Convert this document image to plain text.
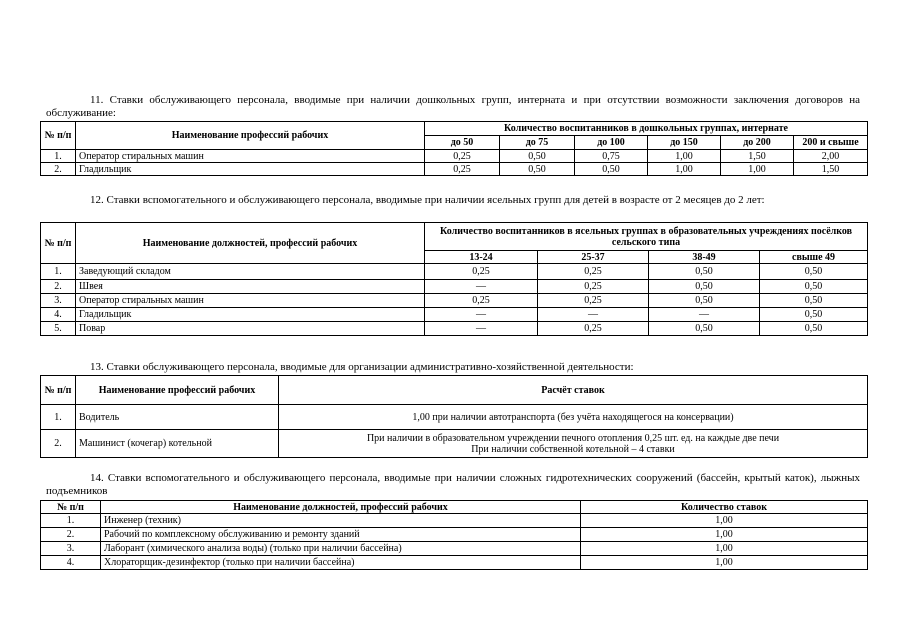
11. Ставки обслуживающего персонала, вводимые при наличии дошкольных групп, интерната и при отсутствии возможности заключения договоров на обслуживание:
№ п/п	Наименование профессий рабочих	Количество воспитанников в дошкольных группах, интернате					
		до 50	до 75	до 100	до 150	до 200	200 и свыше
1.	Оператор стиральных машин	0,25	0,50	0,75	1,00	1,50	2,00
2.	Гладильщик	0,25	0,50	0,50	1,00	1,00	1,50
12. Ставки вспомогательного и обслуживающего персонала, вводимые при наличии ясельных групп для детей в возрасте от 2 месяцев до 2 лет:
№ п/п	Наименование должностей, профессий рабочих	Количество воспитанников в ясельных группах в образовательных учреждениях посёлков сельского типа			
		13-24	25-37	38-49	свыше 49
1.	Заведующий складом	0,25	0,25	0,50	0,50
2.	Швея	—	0,25	0,50	0,50
3.	Оператор стиральных машин	0,25	0,25	0,50	0,50
4.	Гладильщик	—	—	—	0,50
5.	Повар	—	0,25	0,50	0,50
13. Ставки обслуживающего персонала, вводимые для организации административно-хозяйственной деятельности:
№ п/п	Наименование профессий рабочих	Расчёт ставок
1.	Водитель	1,00 при наличии автотранспорта (без учёта находящегося на консервации)
2.	Машинист (кочегар) котельной	При наличии в образовательном учреждении печного отопления 0,25 шт. ед. на каждые две печи
При наличии собственной котельной – 4 ставки
14. Ставки вспомогательного и обслуживающего персонала, вводимые при наличии сложных гидротехнических сооружений (бассейн, крытый каток), лыжных подъемников
№ п/п	Наименование должностей, профессий рабочих	Количество ставок
1.	Инженер (техник)	1,00
2.	Рабочий по комплексному обслуживанию и ремонту зданий	1,00
3.	Лаборант (химического анализа воды) (только при наличии бассейна)	1,00
4.	Хлораторщик-дезинфектор (только при наличии бассейна)	1,00
